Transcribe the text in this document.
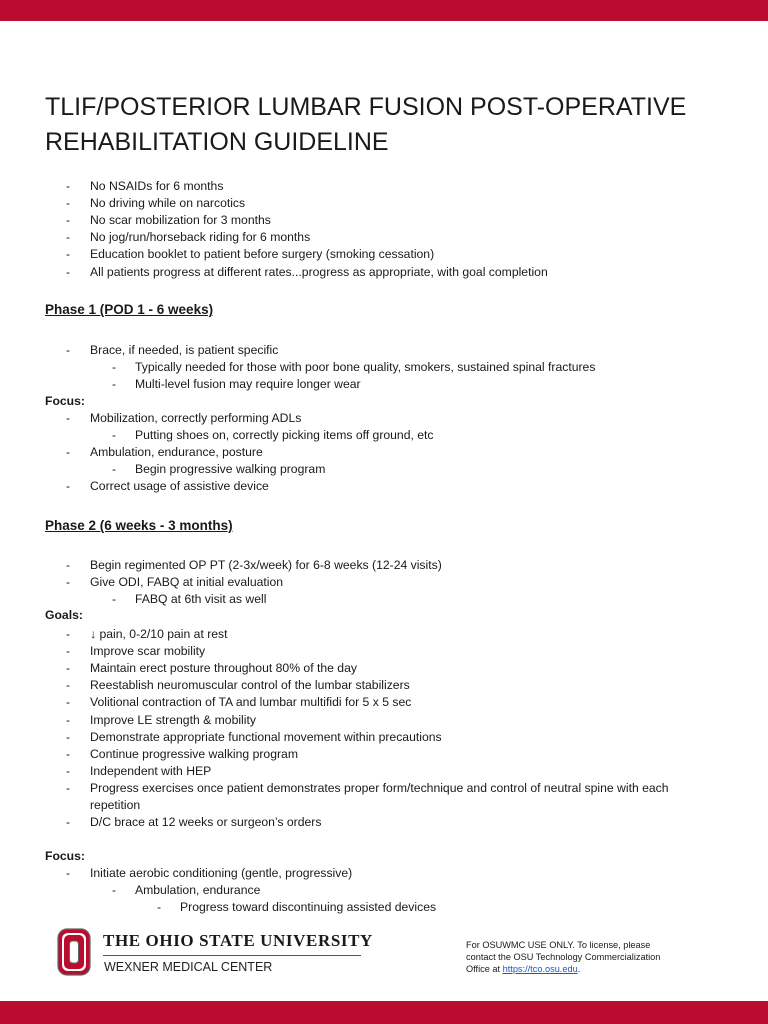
TLIF/POSTERIOR LUMBAR FUSION POST-OPERATIVE
REHABILITATION GUIDELINE
- No NSAIDs for 6 months
- No driving while on narcotics
- No scar mobilization for 3 months
- No jog/run/horseback riding for 6 months
- Education booklet to patient before surgery (smoking cessation)
- All patients progress at different rates...progress as appropriate, with goal completion
Phase 1 (POD 1 - 6 weeks)
- Brace, if needed, is patient specific
- Typically needed for those with poor bone quality, smokers, sustained spinal fractures
- Multi-level fusion may require longer wear
Focus:
- Mobilization, correctly performing ADLs
- Putting shoes on, correctly picking items off ground, etc
- Ambulation, endurance, posture
- Begin progressive walking program
- Correct usage of assistive device
Phase 2 (6 weeks - 3 months)
- Begin regimented OP PT (2-3x/week) for 6-8 weeks (12-24 visits)
- Give ODI, FABQ at initial evaluation
- FABQ at 6th visit as well
Goals:
- ↓ pain, 0-2/10 pain at rest
- Improve scar mobility
- Maintain erect posture throughout 80% of the day
- Reestablish neuromuscular control of the lumbar stabilizers
- Volitional contraction of TA and lumbar multifidi for 5 x 5 sec
- Improve LE strength & mobility
- Demonstrate appropriate functional movement within precautions
- Continue progressive walking program
- Independent with HEP
- Progress exercises once patient demonstrates proper form/technique and control of neutral spine with each
repetition
- D/C brace at 12 weeks or surgeon’s orders
Focus:
- Initiate aerobic conditioning (gentle, progressive)
- Ambulation, endurance
- Progress toward discontinuing assisted devices
THE OHIO STATE UNIVERSITY
WEXNER MEDICAL CENTER
For OSUWMC USE ONLY. To license, please
contact the OSU Technology Commercialization
Office at https://tco.osu.edu.
